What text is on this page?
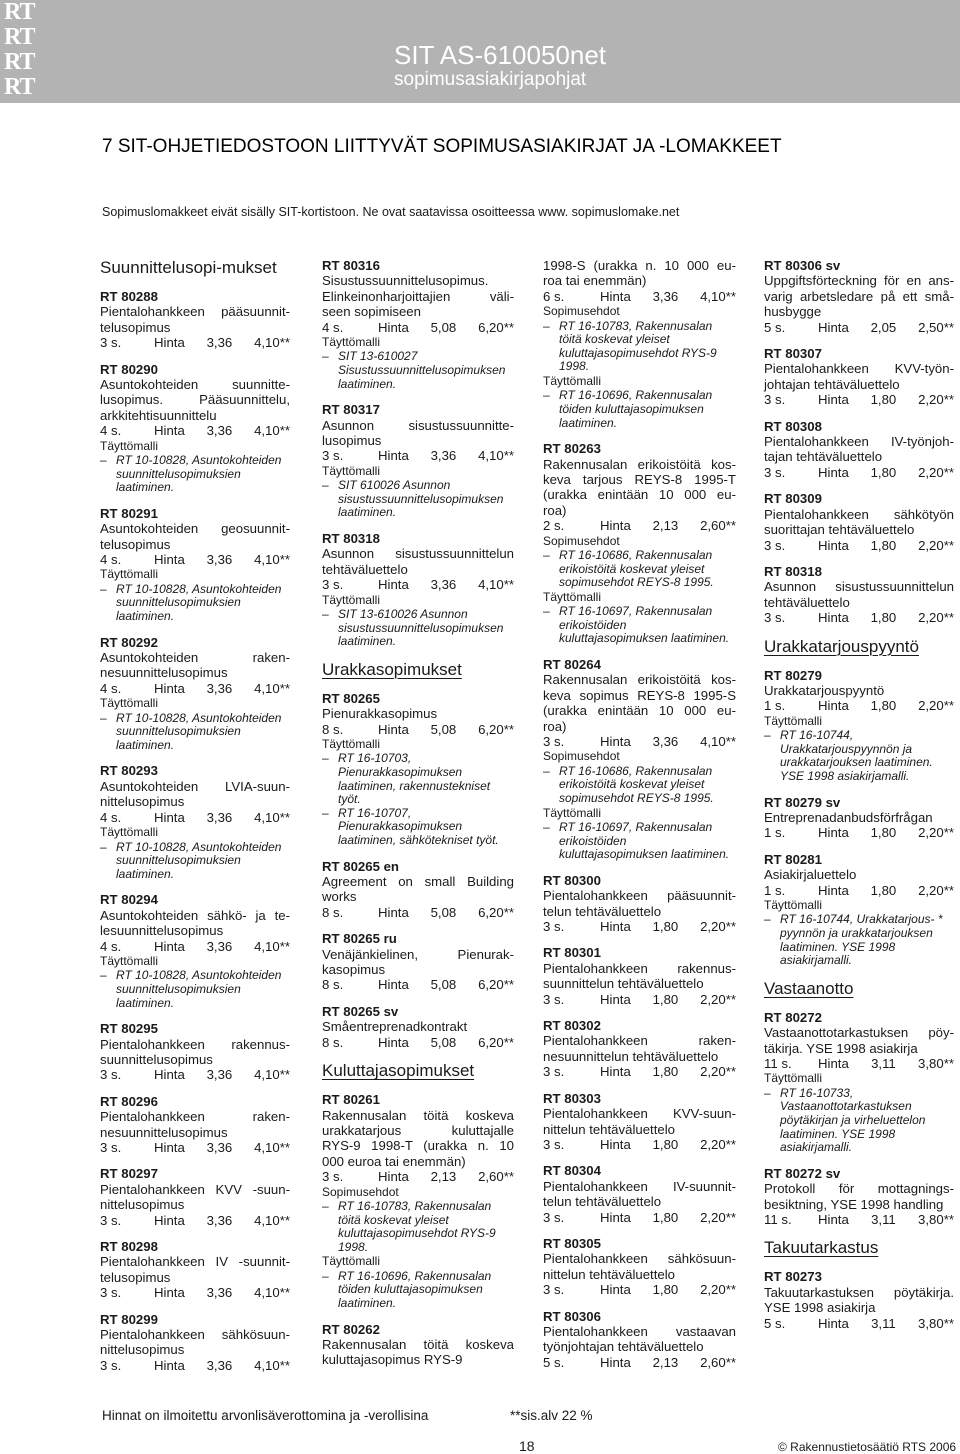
RT
RT
RT
RT
SIT AS-610050net
sopimusasiakirjapohjat
7 SIT-OHJETIEDOSTOON LIITTYVÄT SOPIMUSASIAKIRJAT JA -LOMAKKEET
Sopimuslomakkeet eivät sisälly SIT-kortistoon. Ne ovat saatavissa osoitteessa www. sopimuslomake.net
Suunnittelusopi-mukset
RT 80288
Pientalohankkeen pääsuunnit-
telusopimus
3 s. Hinta 3,36 4,10**
RT 80290
Asuntokohteiden suunnitte-
lusopimus. Pääsuunnittelu,
arkkitehtisuunnittelu
4 s. Hinta 3,36 4,10**
Täyttömalli
– RT 10-10828, Asuntokohteiden suunnittelusopimuksien laatiminen.
RT 80291
Asuntokohteiden geosuunnit-
telusopimus
4 s. Hinta 3,36 4,10**
Täyttömalli
– RT 10-10828, Asuntokohteiden suunnittelusopimuksien laatiminen.
RT 80292
Asuntokohteiden raken-
nesuunnittelusopimus
4 s. Hinta 3,36 4,10**
Täyttömalli
– RT 10-10828, Asuntokohteiden suunnittelusopimuksien laatiminen.
RT 80293
Asuntokohteiden LVIA-suun-
nittelusopimus
4 s. Hinta 3,36 4,10**
Täyttömalli
– RT 10-10828, Asuntokohteiden suunnittelusopimuksien laatiminen.
RT 80294
Asuntokohteiden sähkö- ja te-
lesuunnittelusopimus
4 s. Hinta 3,36 4,10**
Täyttömalli
– RT 10-10828, Asuntokohteiden suunnittelusopimuksien laatiminen.
RT 80295
Pientalohankkeen rakennus-
suunnittelusopimus
3 s. Hinta 3,36 4,10**
RT 80296
Pientalohankkeen raken-
nesuunnittelusopimus
3 s. Hinta 3,36 4,10**
RT 80297
Pientalohankkeen KVV -suun-
nittelusopimus
3 s. Hinta 3,36 4,10**
RT 80298
Pientalohankkeen IV -suunnit-
telusopimus
3 s. Hinta 3,36 4,10**
RT 80299
Pientalohankkeen sähkösuun-
nittelusopimus
3 s. Hinta 3,36 4,10**
RT 80316
Sisustussuunnittelusopimus.
Elinkeinonharjoittajien väli-
seen sopimiseen
4 s.	Hinta 5,08 6,20**
Täyttömalli
– SIT 13-610027 Sisustussuunnittelusopimuksen laatiminen.
RT 80317
Asunnon sisustussuunnitte-
lusopimus
3 s.	Hinta 3,36 4,10**
Täyttömalli
– SIT 610026 Asunnon sisustussuunnittelusopimuksen laatiminen.
RT 80318
Asunnon sisustussuunnittelun
tehtäväluettelo
3 s.	Hinta 3,36 4,10**
Täyttömalli
– SIT 13-610026 Asunnon sisustussuunnittelusopimuksen laatiminen.
Urakkasopimukset
RT 80265
Pienurakkasopimus
8 s.	Hinta 5,08 6,20**
Täyttömalli
– RT 16-10703, Pienurakkasopimuksen laatiminen, rakennustekniset työt.
– RT 16-10707, Pienurakkasopimuksen laatiminen, sähkötekniset työt.
RT 80265 en
Agreement on small Building
works
8 s.	Hinta 5,08 6,20**
RT 80265 ru
Venäjänkielinen, Pienurak-
kasopimus
8 s.	Hinta 5,08 6,20**
RT 80265 sv
Småentreprenadkontrakt
8 s.	Hinta 5,08 6,20**
Kuluttajasopimukset
RT 80261
Rakennusalan töitä koskeva
urakkatarjous kuluttajalle
RYS-9 1998-T (urakka n. 10
000 euroa tai enemmän)
3 s.	Hinta 2,13 2,60**
Sopimusehdot
– RT 16-10783, Rakennusalan töitä koskevat yleiset kuluttajasopimusehdot RYS-9 1998.
Täyttömalli
– RT 16-10696, Rakennusalan töiden kuluttajasopimuksen laatiminen.
RT 80262
Rakennusalan töitä koskeva
kuluttajasopimus RYS-9
1998-S (urakka n. 10 000 eu-
roa tai enemmän)
6 s.	Hinta 3,36 4,10**
Sopimusehdot
– RT 16-10783, Rakennusalan töitä koskevat yleiset kuluttajasopimusehdot RYS-9 1998.
Täyttömalli
– RT 16-10696, Rakennusalan töiden kuluttajasopimuksen laatiminen.
RT 80263
Rakennusalan erikoistöitä kos-
keva tarjous REYS-8 1995-T
(urakka enintään 10 000 eu-
roa)
2 s.	Hinta 2,13 2,60**
Sopimusehdot
– RT 16-10686, Rakennusalan erikoistöitä koskevat yleiset sopimusehdot REYS-8 1995.
Täyttömalli
– RT 16-10697, Rakennusalan erikoistöiden kuluttajasopimuksen laatiminen.
RT 80264
Rakennusalan erikoistöitä kos-
keva sopimus REYS-8 1995-S
(urakka enintään 10 000 eu-
roa)
3 s.	Hinta 3,36 4,10**
Sopimusehdot
– RT 16-10686, Rakennusalan erikoistöitä koskevat yleiset sopimusehdot REYS-8 1995.
Täyttömalli
– RT 16-10697, Rakennusalan erikoistöiden kuluttajasopimuksen laatiminen.
RT 80300
Pientalohankkeen pääsuunnit-
telun tehtäväluettelo
3 s.	Hinta 1,80 2,20**
RT 80301
Pientalohankkeen rakennus-
suunnittelun tehtäväluettelo
3 s.	Hinta 1,80 2,20**
RT 80302
Pientalohankkeen raken-
nesuunnittelun tehtäväluettelo
3 s.	Hinta 1,80 2,20**
RT 80303
Pientalohankkeen KVV-suun-
nittelun tehtäväluettelo
3 s.	Hinta 1,80 2,20**
RT 80304
Pientalohankkeen IV-suunnit-
telun tehtäväluettelo
3 s.	Hinta 1,80 2,20**
RT 80305
Pientalohankkeen sähkösuun-
nittelun tehtäväluettelo
3 s.	Hinta 1,80 2,20**
RT 80306
Pientalohankkeen vastaavan
työnjohtajan tehtäväluettelo
5 s.	Hinta 2,13 2,60**
RT 80306 sv
Uppgiftsförteckning för en ans-
varig arbetsledare på ett små-
husbygge
5 s. Hinta 2,05 2,50**
RT 80307
Pientalohankkeen KVV-työn-
johtajan tehtäväluettelo
3 s. Hinta 1,80 2,20**
RT 80308
Pientalohankkeen IV-työnjoh-
tajan tehtäväluettelo
3 s. Hinta 1,80 2,20**
RT 80309
Pientalohankkeen sähkötyön
suorittajan tehtäväluettelo
3 s. Hinta 1,80 2,20**
RT 80318
Asunnon sisustussuunnittelun
tehtäväluettelo
3 s. Hinta 1,80 2,20**
Urakkatarjouspyyntö
RT 80279
Urakkatarjouspyyntö
1 s. Hinta 1,80 2,20**
Täyttömalli
– RT 16-10744, Urakkatarjouspyynnön ja urakkatarjouksen laatiminen. YSE 1998 asiakirjamalli.
RT 80279 sv
Entreprenadanbudsförfrågan
1 s. Hinta 1,80 2,20**
RT 80281
Asiakirjaluettelo
1 s. Hinta 1,80 2,20**
Täyttömalli
– RT 16-10744, Urakkatarjous- * pyynnön ja urakkatarjouksen laatiminen. YSE 1998 asiakirjamalli.
Vastaanotto
RT 80272
Vastaanottotarkastuksen pöy-
täkirja. YSE 1998 asiakirja
11 s. Hinta 3,11 3,80**
Täyttömalli
– RT 16-10733, Vastaanottotarkastuksen pöytäkirjan ja virheluettelon laatiminen. YSE 1998 asiakirjamalli.
RT 80272 sv
Protokoll för mottagnings-
besiktning, YSE 1998 handling
11 s. Hinta 3,11 3,80**
Takuutarkastus
RT 80273
Takuutarkastuksen pöytäkirja.
YSE 1998 asiakirja
5 s. Hinta 3,11 3,80**
Hinnat on ilmoitettu arvonlisäverottomina ja -verollisina	**sis.alv 22 %
18	© Rakennustietosäätiö RTS 2006
